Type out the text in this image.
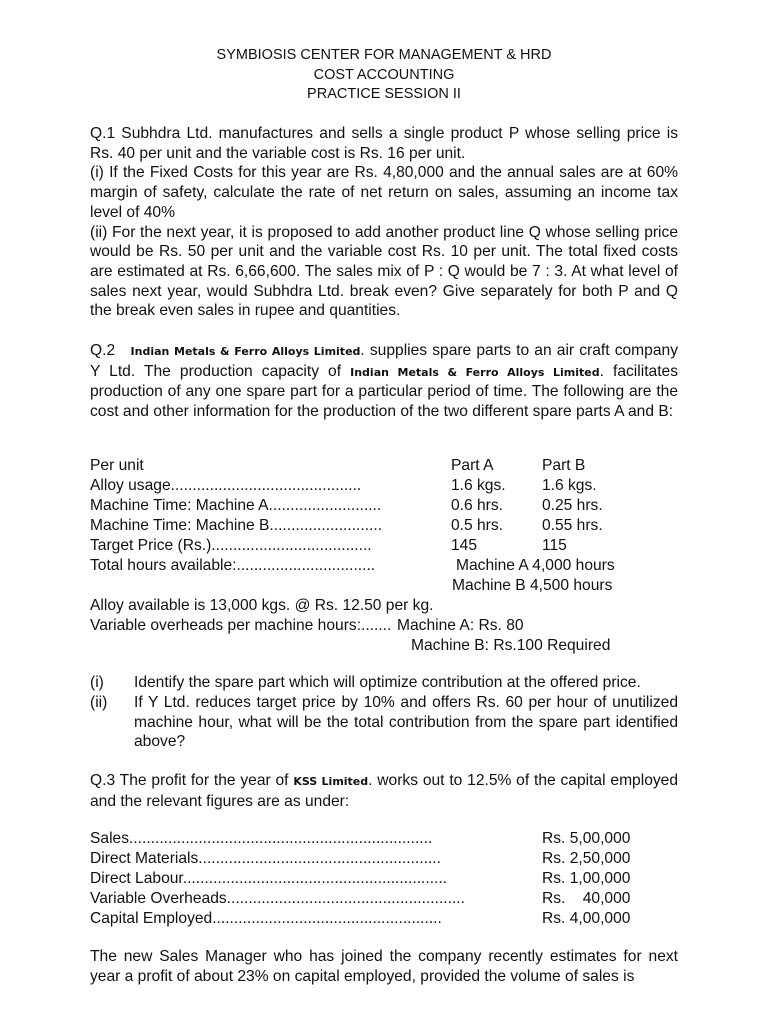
SYMBIOSIS CENTER FOR MANAGEMENT & HRD
COST ACCOUNTING
PRACTICE SESSION II

Q.1 Subhdra Ltd. manufactures and sells a single product P whose selling price is Rs. 40 per unit and the variable cost is Rs. 16 per unit.

(i) If the Fixed Costs for this year are Rs. 4,80,000 and the annual sales are at 60% margin of safety, calculate the rate of net return on sales, assuming an income tax level of 40%

(ii) For the next year, it is proposed to add another product line Q whose selling price would be Rs. 50 per unit and the variable cost Rs. 10 per unit. The total fixed costs are estimated at Rs. 6,66,600. The sales mix of P : Q would be 7 : 3. At what level of sales next year, would Subhdra Ltd. break even? Give separately for both P and Q the break even sales in rupee and quantities.

Q.2 Indian Metals & Ferro Alloys Limited. supplies spare parts to an air craft company Y Ltd. The production capacity of Indian Metals & Ferro Alloys Limited. facilitates production of any one spare part for a particular period of time. The following are the cost and other information for the production of the two different spare parts A and B:

Per unit	Part A	Part B
Alloy usage............................................	1.6 kgs. 1.6 kgs.
Machine Time: Machine A..........................	0.6 hrs. 0.25 hrs.
Machine Time: Machine B..........................	0.5 hrs. 0.55 hrs.
Target Price (Rs.).....................................	145	115
Total hours available:................................	Machine A 4,000 hours
Machine B 4,500 hours
Alloy available is 13,000 kgs. @ Rs. 12.50 per kg.
Variable overheads per machine hours:....... Machine A: Rs. 80
Machine B: Rs.100 Required
(i)	Identify the spare part which will optimize contribution at the offered price.

(ii)	If Y Ltd. reduces target price by 10% and offers Rs. 60 per hour of unutilized machine hour, what will be the total contribution from the spare part identified above?

Q.3 The profit for the year of KSS Limited. works out to 12.5% of the capital employed and the relevant figures are as under:

Sales......................................................................	Rs. 5,00,000
Direct Materials........................................................	Rs. 2,50,000
Direct Labour.............................................................	Rs. 1,00,000
Variable Overheads.......................................................	Rs.    40,000
Capital Employed.....................................................	Rs. 4,00,000

The new Sales Manager who has joined the company recently estimates for next year a profit of about 23% on capital employed, provided the volume of sales is
